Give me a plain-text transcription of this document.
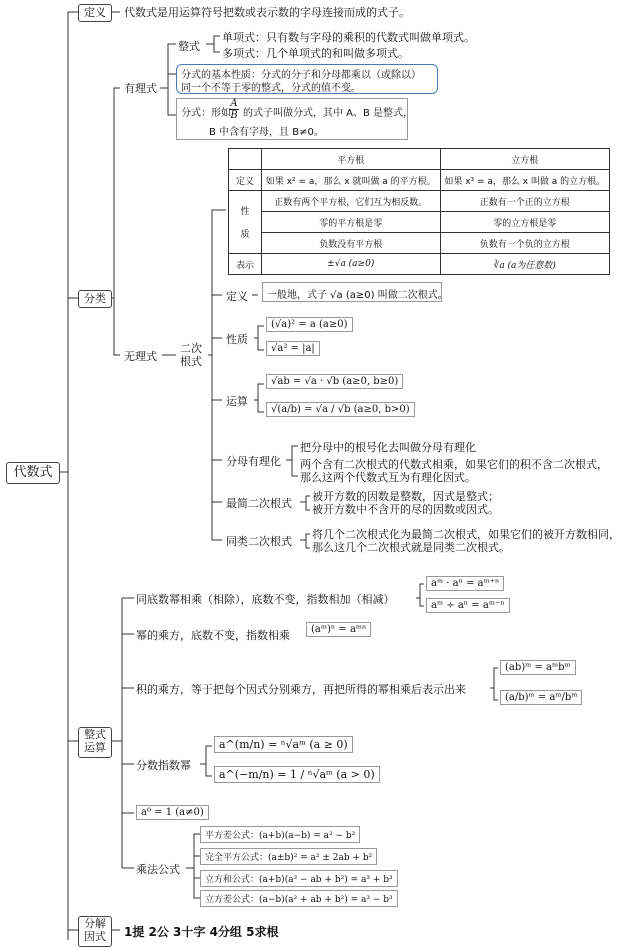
代数式
定义	代数式是用运算符号把数或表示数的字母连接而成的式子。
分类
有理式
整式
单项式：只有数与字母的乘积的代数式叫做单项式。
多项式：几个单项式的和叫做多项式。
分式的基本性质：分式的分子和分母都乘以（或除以）
同一个不等于零的整式，分式的值不变。
分式：形如
A
B 的式子叫做分式，其中 A、B 是整式，
B 中含有字母，且 B≠0。
无理式
二次
根式
	平方根	立方根
定义	如果 x² = a，那么 x 就叫做 a 的平方根。	如果 x³ = a，那么 x 叫做 a 的立方根。

性
质	正数有两个平方根，它们互为相反数。	正数有一个正的立方根
	零的平方根是零	零的立方根是零
	负数没有平方根	负数有一个负的立方根
表示	±√a (a≥0)	∛a (a为任意数)
定义 一般地，式子 √a (a≥0) 叫做二次根式。
性质
(√a)² = a (a≥0)
√a² = |a|
运算
√ab = √a · √b (a≥0, b≥0)
√(a/b) = √a / √b (a≥0, b>0)
分母有理化
把分母中的根号化去叫做分母有理化
两个含有二次根式的代数式相乘，如果它们的积不含二次根式，
那么这两个代数式互为有理化因式。
最简二次根式
被开方数的因数是整数，因式是整式；
被开方数中不含开的尽的因数或因式。
同类二次根式
将几个二次根式化为最简二次根式，如果它们的被开方数相同，
那么这几个二次根式就是同类二次根式。
整式
运算
同底数幂相乘（相除），底数不变，指数相加（相减）
aᵐ · aⁿ = aᵐ⁺ⁿ
aᵐ ÷ aⁿ = aᵐ⁻ⁿ
幂的乘方，底数不变，指数相乘	(aᵐ)ⁿ = aᵐⁿ
积的乘方，等于把每个因式分别乘方，再把所得的幂相乘后表示出来
(ab)ᵐ = aᵐbᵐ
(a/b)ᵐ = aᵐ/bᵐ
分数指数幂
a^(m/n) = ⁿ√aᵐ (a ≥ 0)
a^(−m/n) = 1 / ⁿ√aᵐ (a > 0)
a⁰ = 1 (a≠0)
乘法公式
平方差公式：(a+b)(a−b) = a² − b²
完全平方公式：(a±b)² = a² ± 2ab + b²
立方和公式：(a+b)(a² − ab + b²) = a³ + b³
立方差公式：(a−b)(a² + ab + b²) = a³ − b³
分解
因式	1提 2公 3十字 4分组 5求根
